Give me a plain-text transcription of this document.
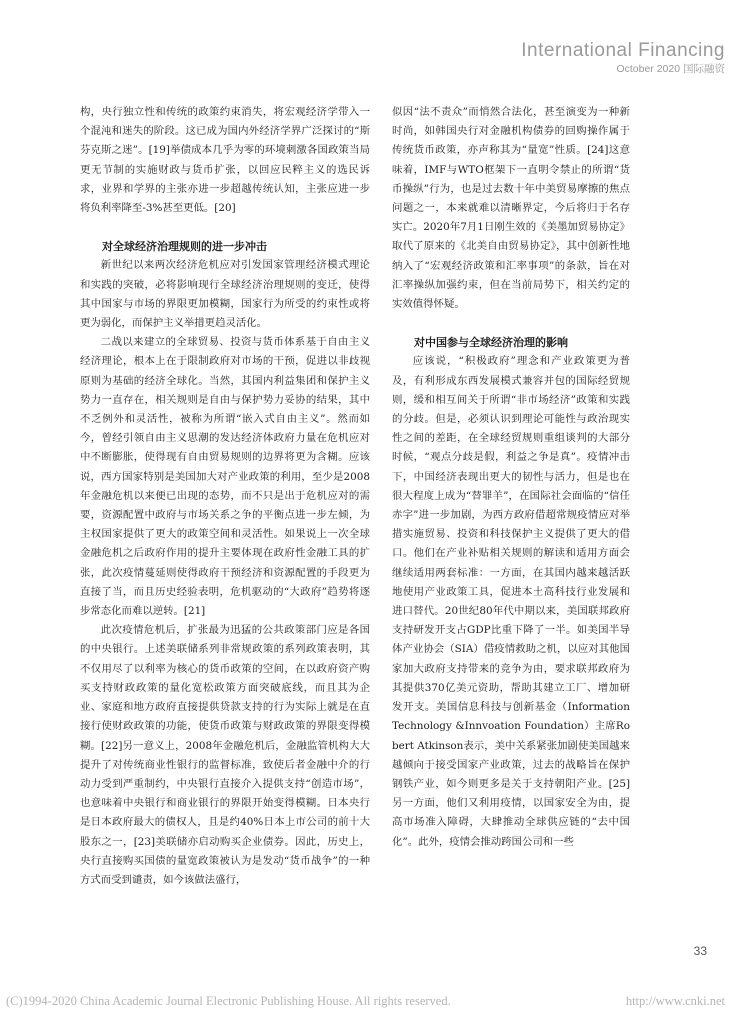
International Financing
October 2020 国际融资

构，央行独立性和传统的政策约束消失，将宏观经济学带入一个混沌和迷失的阶段。这已成为国内外经济学界广泛探讨的“斯芬克斯之迷”。[19]举债成本几乎为零的环境刺激各国政策当局更无节制的实施财政与货币扩张，以回应民粹主义的选民诉求，业界和学界的主张亦进一步超越传统认知，主张应进一步将负利率降至-3%甚至更低。[20]

对全球经济治理规则的进一步冲击

新世纪以来两次经济危机应对引发国家管理经济模式理论和实践的突破，必将影响现行全球经济治理规则的变迁，使得其中国家与市场的界限更加模糊，国家行为所受的约束性或将更为弱化，而保护主义举措更趋灵活化。

二战以来建立的全球贸易、投资与货币体系基于自由主义经济理论，根本上在于限制政府对市场的干预，促进以非歧视原则为基础的经济全球化。当然，其国内利益集团和保护主义势力一直存在，相关规则是自由与保护势力妥协的结果，其中不乏例外和灵活性，被称为所谓“嵌入式自由主义”。然而如今，曾经引领自由主义思潮的发达经济体政府力量在危机应对中不断膨胀，使得现有自由贸易规则的边界将更为含糊。应该说，西方国家特别是美国加大对产业政策的利用，至少是2008年金融危机以来便已出现的态势，而不只是出于危机应对的需要，资源配置中政府与市场关系之争的平衡点进一步左倾，为主权国家提供了更大的政策空间和灵活性。如果说上一次全球金融危机之后政府作用的提升主要体现在政府性金融工具的扩张，此次疫情蔓延则使得政府干预经济和资源配置的手段更为直接了当，而且历史经验表明，危机驱动的“大政府”趋势将逐步常态化而难以逆转。[21]

此次疫情危机后，扩张最为迅猛的公共政策部门应是各国的中央银行。上述美联储系列非常规政策的系列政策表明，其不仅用尽了以利率为核心的货币政策的空间，在以政府资产购买支持财政政策的量化宽松政策方面突破底线，而且其为企业、家庭和地方政府直接提供贷款支持的行为实际上就是在直接行使财政政策的功能，使货币政策与财政政策的界限变得模糊。[22]另一意义上，2008年金融危机后，金融监管机构大大提升了对传统商业性银行的监督标准，致使后者金融中介的行动力受到严重制约，中央银行直接介入提供支持“创造市场”，也意味着中央银行和商业银行的界限开始变得模糊。日本央行是日本政府最大的债权人，且是约40%日本上市公司的前十大股东之一，[23]美联储亦启动购买企业债券。因此，历史上，央行直接购买国债的量宽政策被认为是发动“货币战争”的一种方式而受到谴责，如今该做法盛行，

似因“法不责众”而悄然合法化，甚至演变为一种新时尚，如韩国央行对金融机构债券的回购操作属于传统货币政策，亦声称其为“量宽”性质。[24]这意味着，IMF与WTO框架下一直明令禁止的所谓“货币操纵”行为，也是过去数十年中美贸易摩擦的焦点问题之一，本来就难以清晰界定，今后将归于名存实亡。2020年7月1日刚生效的《美墨加贸易协定》取代了原来的《北美自由贸易协定》，其中创新性地纳入了“宏观经济政策和汇率事项”的条款，旨在对汇率操纵加强约束，但在当前局势下，相关约定的实效值得怀疑。

对中国参与全球经济治理的影响

应该说，“积极政府”理念和产业政策更为普及，有利形成东西发展模式兼容并包的国际经贸规则，缓和相互间关于所谓“非市场经济”政策和实践的分歧。但是，必须认识到理论可能性与政治现实性之间的差距，在全球经贸规则重组谈判的大部分时候，“观点分歧是假，利益之争是真”。疫情冲击下，中国经济表现出更大的韧性与活力，但是也在很大程度上成为“替罪羊”，在国际社会面临的“信任赤字”进一步加剧，为西方政府借超常规疫情应对举措实施贸易、投资和科技保护主义提供了更大的借口。他们在产业补贴相关规则的解读和适用方面会继续适用两套标准：一方面，在其国内越来越活跃地使用产业政策工具，促进本土高科技行业发展和进口替代。20世纪80年代中期以来，美国联邦政府支持研发开支占GDP比重下降了一半。如美国半导体产业协会（SIA）借疫情救助之机，以应对其他国家加大政府支持带来的竞争为由，要求联邦政府为其提供370亿美元资助，帮助其建立工厂、增加研发开支。美国信息科技与创新基金（Information Technology &Innvoation Foundation）主席Robert Atkinson表示，美中关系紧张加剧使美国越来越倾向于接受国家产业政策，过去的战略旨在保护钢铁产业，如今则更多是关于支持朝阳产业。[25]另一方面，他们又利用疫情，以国家安全为由，提高市场准入障碍，大肆推动全球供应链的“去中国化”。此外，疫情会推动跨国公司和一些

33
(C)1994-2020 China Academic Journal Electronic Publishing House. All rights reserved.	http://www.cnki.net
